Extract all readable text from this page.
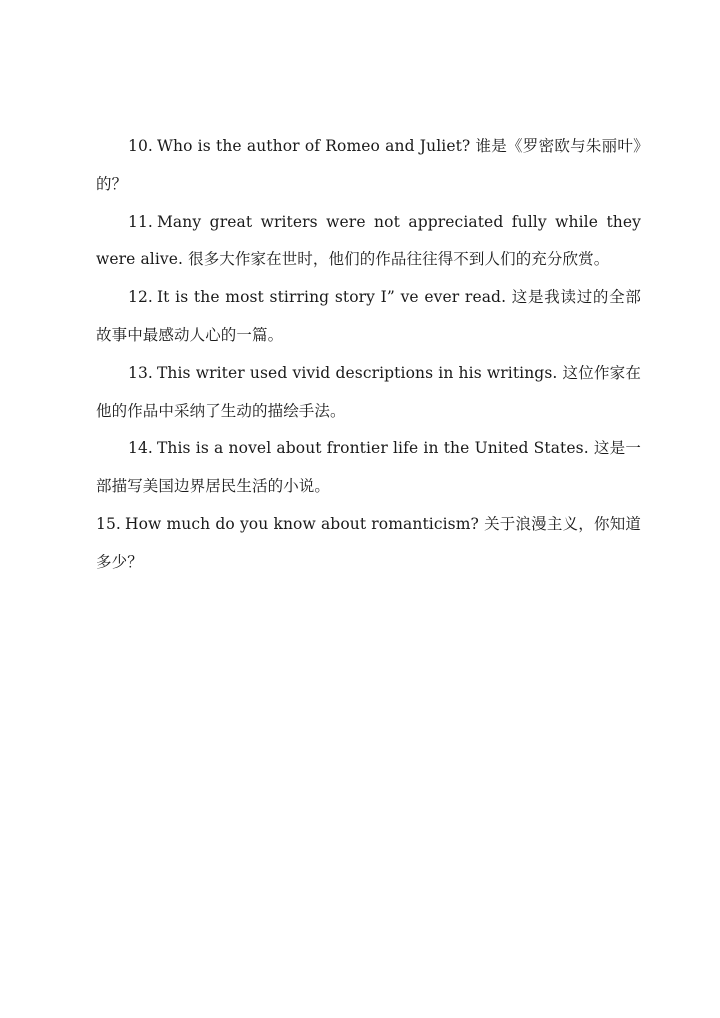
10. Who is the author of Romeo and Juliet? 谁是《罗密欧与朱丽叶》的？

11. Many great writers were not appreciated fully while they were alive. 很多大作家在世时，他们的作品往往得不到人们的充分欣赏。

12. It is the most stirring story I” ve ever read. 这是我读过的全部故事中最感动人心的一篇。

13. This writer used vivid descriptions in his writings. 这位作家在他的作品中采纳了生动的描绘手法。

14. This is a novel about frontier life in the United States. 这是一部描写美国边界居民生活的小说。

15. How much do you know about romanticism? 关于浪漫主义，你知道多少？
